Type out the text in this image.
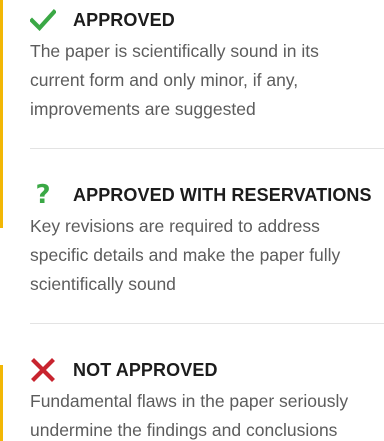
APPROVED
The paper is scientifically sound in its
current form and only minor, if any,
improvements are suggested
?	APPROVED WITH RESERVATIONS
Key revisions are required to address
specific details and make the paper fully
scientifically sound
NOT APPROVED
Fundamental flaws in the paper seriously
undermine the findings and conclusions
